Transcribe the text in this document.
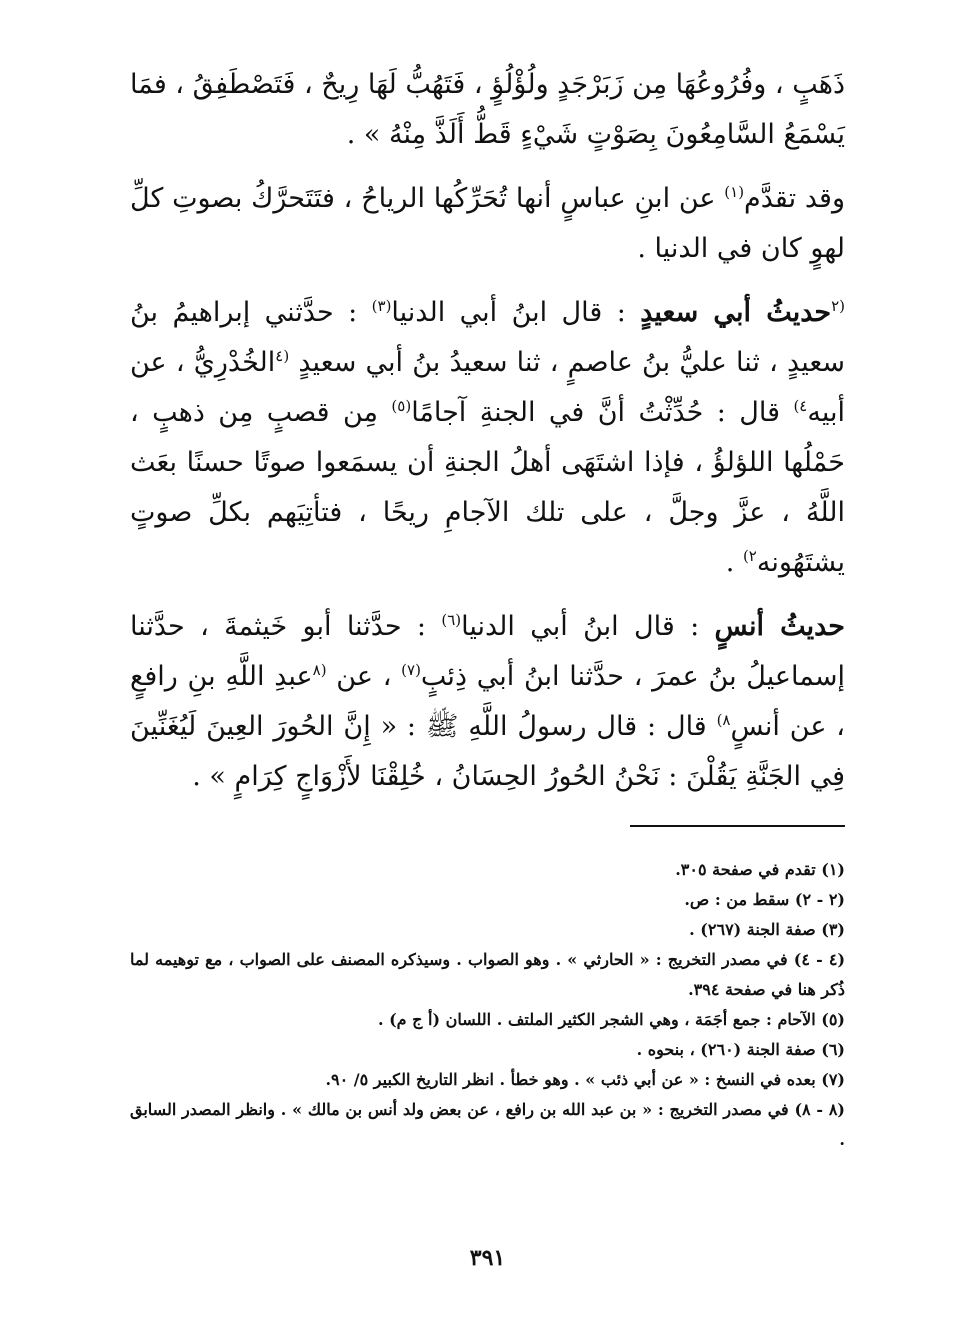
ذَهَبٍ ، وفُرُوعُهَا مِن زَبَرْجَدٍ ولُؤْلُؤٍ ، فَتَهُبُّ لَهَا رِيحٌ ، فَتَصْطَفِقُ ، فمَا يَسْمَعُ السَّامِعُونَ بِصَوْتٍ شَيْءٍ قَطُّ أَلَذَّ مِنْهُ » .

وقد تقدَّم$^{(١)}$ عن ابنِ عباسٍ أنها تُحَرِّكُها الرياحُ ، فتَتَحرَّكُ بصوتِ كلِّ لهوٍ كان في الدنيا .

$^{(٢}$حديثُ أبي سعيدٍ : قال ابنُ أبي الدنيا$^{(٣)}$ : حدَّثني إبراهيمُ بنُ سعيدٍ ، ثنا عليُّ بنُ عاصمٍ ، ثنا سعيدُ بنُ أبي سعيدٍ $^{(٤}$الخُدْرِيُّ ، عن أبيه$^{٤)}$ قال : حُدِّثْتُ أنَّ في الجنةِ آجامًا$^{(٥)}$ مِن قصبٍ مِن ذهبٍ ، حَمْلُها اللؤلؤُ ، فإذا اشتَهَى أهلُ الجنةِ أن يسمَعوا صوتًا حسنًا بعَث اللَّهُ ، عزَّ وجلَّ ، على تلك الآجامِ ريحًا ، فتأتِيَهم بكلِّ صوتٍ يشتَهُونه$^{٢)}$ .

حديثُ أنسٍ : قال ابنُ أبي الدنيا$^{(٦)}$ : حدَّثنا أبو خَيثمةَ ، حدَّثنا إسماعيلُ بنُ عمرَ ، حدَّثنا ابنُ أبي ذِئبٍ$^{(٧)}$ ، عن $^{(٨}$عبدِ اللَّهِ بنِ رافعٍ ، عن أنسٍ$^{٨)}$ قال : قال رسولُ اللَّهِ ﷺ : « إِنَّ الحُورَ العِينَ لَيُغَنِّينَ فِي الجَنَّةِ يَقُلْنَ : نَحْنُ الحُورُ الحِسَانُ ، خُلِقْنَا لأَزْوَاجٍ كِرَامٍ » .

(١) تقدم في صفحة ٣٠٥.

(٢ - ٢) سقط من : ص.

(٣) صفة الجنة (٢٦٧) .

(٤ - ٤) في مصدر التخريج : « الحارثي » . وهو الصواب . وسيذكره المصنف على الصواب ، مع توهيمه لما ذُكر هنا في صفحة ٣٩٤.

(٥) الآحام : جمع أجَمَة ، وهي الشجر الكثير الملتف . اللسان (أ ج م) .

(٦) صفة الجنة (٢٦٠) ، بنحوه .

(٧) بعده في النسخ : « عن أبي ذئب » . وهو خطأ . انظر التاريخ الكبير ٥/ ٩٠.

(٨ - ٨) في مصدر التخريج : « بن عبد الله بن رافع ، عن بعض ولد أنس بن مالك » . وانظر المصدر السابق .

٣٩١
